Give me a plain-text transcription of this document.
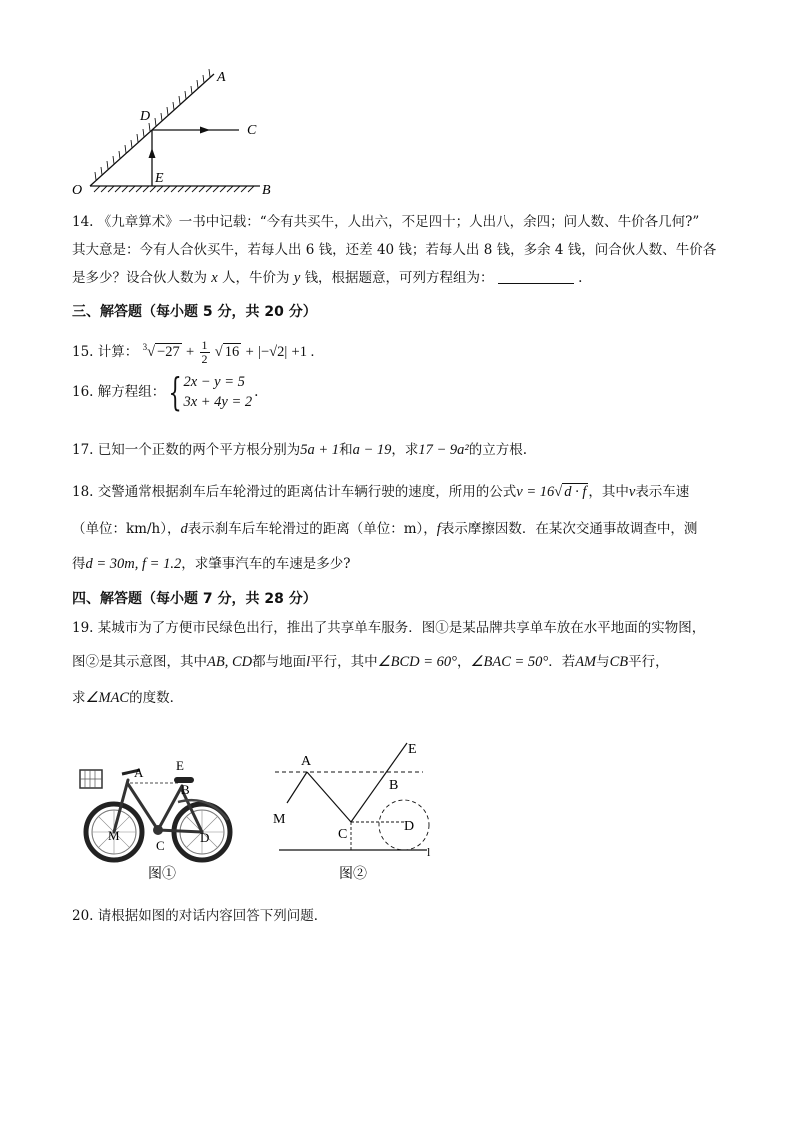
A
D
C
E
O	B
14. 《九章算术》一书中记载：“今有共买牛，人出六，不足四十；人出八，余四；问人数、牛价各几何?”
其大意是：今有人合伙买牛，若每人出 6 钱，还差 40 钱；若每人出 8 钱，多余 4 钱，问合伙人数、牛价各
是多少？设合伙人数为 x 人，牛价为 y 钱，根据题意，可列方程组为：	.
三、解答题（每小题 5 分，共 20 分）
15. 计算： $^3√ -27 + \frac{1}{2}$ √ 16 + |−√2| +1 .
16. 解方程组： { 2x − y = 5
3x + 4y = 2
.
17. 已知一个正数的两个平方根分别为5a + 1和a − 19，求17 − 9a²的立方根.
18. 交警通常根据刹车后车轮滑过的距离估计车辆行驶的速度，所用的公式v = 16√ d · f ，其中v表示车速
（单位：km/h），d表示刹车后车轮滑过的距离（单位：m），f表示摩擦因数．在某次交通事故调查中，测
得d = 30m, f = 1.2，求肇事汽车的车速是多少?
四、解答题（每小题 7 分，共 28 分）
19. 某城市为了方便市民绿色出行，推出了共享单车服务．图①是某品牌共享单车放在水平地面的实物图，
图②是其示意图，其中AB, CD都与地面l平行，其中∠BCD = 60°，∠BAC = 50°．若AM与CB平行，
求∠MAC的度数．
A	E
B
M	D
C
图①
A
E
B
M
C
D
l
图②
20. 请根据如图的对话内容回答下列问题．
